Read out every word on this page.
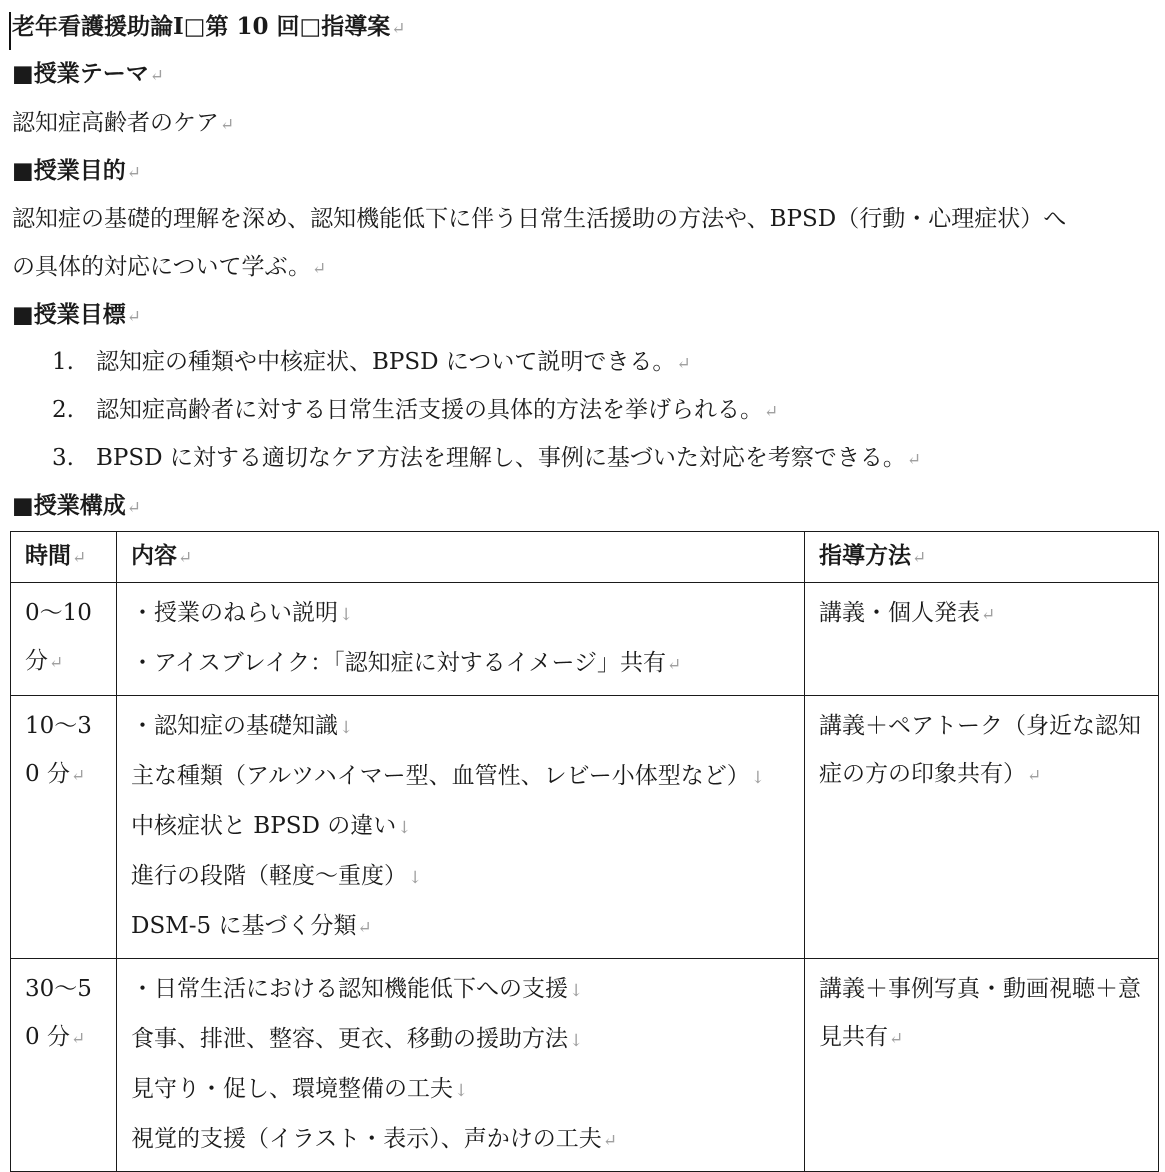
老年看護援助論Ⅰ□第 10 回□指導案↵
■授業テーマ↵
認知症高齢者のケア↵
■授業目的↵
認知症の基礎的理解を深め、認知機能低下に伴う日常生活援助の方法や、BPSD（行動・心理症状）へ
の具体的対応について学ぶ。↵
■授業目標↵
1. 認知症の種類や中核症状、BPSD について説明できる。↵
2. 認知症高齢者に対する日常生活支援の具体的方法を挙げられる。↵
3. BPSD に対する適切なケア方法を理解し、事例に基づいた対応を考察できる。↵
■授業構成↵
時間↵	内容↵	指導方法↵
0〜10 分↵	・授業のねらい説明↓
・アイスブレイク：「認知症に対するイメージ」共有↵	講義・個人発表↵
10〜30 分↵	・認知症の基礎知識↓
主な種類（アルツハイマー型、血管性、レビー小体型など）↓
中核症状と BPSD の違い↓
進行の段階（軽度〜重度）↓
DSM-5 に基づく分類↵	講義＋ペアトーク（身近な認知症の方の印象共有）↵
30〜50 分↵	・日常生活における認知機能低下への支援↓
食事、排泄、整容、更衣、移動の援助方法↓
見守り・促し、環境整備の工夫↓
視覚的支援（イラスト・表示）、声かけの工夫↵	講義＋事例写真・動画視聴＋意見共有↵
